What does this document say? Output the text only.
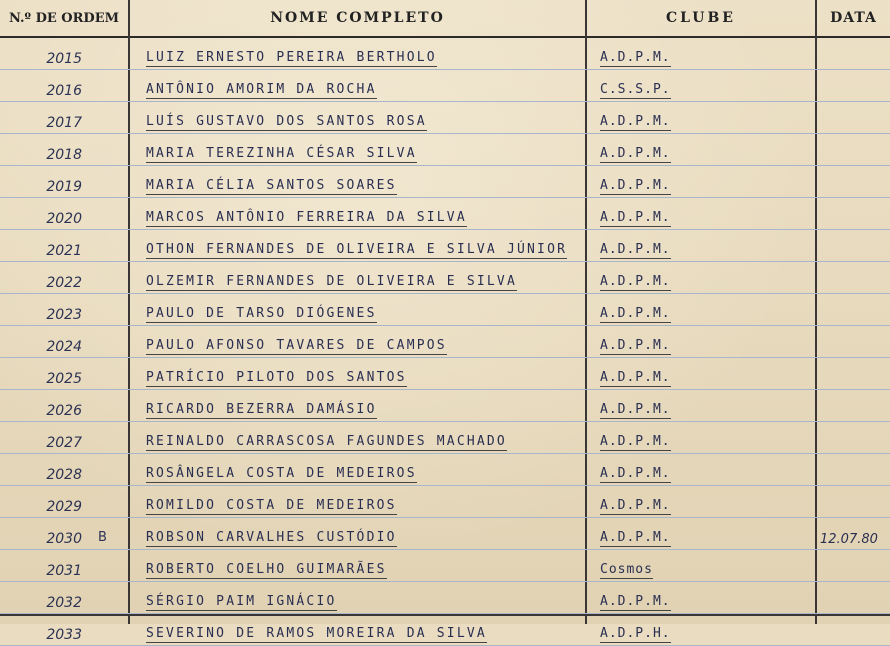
N.º DE ORDEM	NOME COMPLETO	CLUBE	DATA
2015	LUIZ ERNESTO PEREIRA BERTHOLO	A.D.P.M.
2016	ANTÔNIO AMORIM DA ROCHA	C.S.S.P.
2017	LUÍS GUSTAVO DOS SANTOS ROSA	A.D.P.M.
2018	MARIA TEREZINHA CÉSAR SILVA	A.D.P.M.
2019	MARIA CÉLIA SANTOS SOARES	A.D.P.M.
2020	MARCOS ANTÔNIO FERREIRA DA SILVA	A.D.P.M.
2021	OTHON FERNANDES DE OLIVEIRA E SILVA JÚNIOR	A.D.P.M.
2022	OLZEMIR FERNANDES DE OLIVEIRA E SILVA	A.D.P.M.
2023	PAULO DE TARSO DIÓGENES	A.D.P.M.
2024	PAULO AFONSO TAVARES DE CAMPOS	A.D.P.M.
2025	PATRÍCIO PILOTO DOS SANTOS	A.D.P.M.
2026	RICARDO BEZERRA DAMÁSIO	A.D.P.M.
2027	REINALDO CARRASCOSA FAGUNDES MACHADO	A.D.P.M.
2028	ROSÂNGELA COSTA DE MEDEIROS	A.D.P.M.
2029	ROMILDO COSTA DE MEDEIROS	A.D.P.M.
2030 B	ROBSON CARVALHES CUSTÓDIO	A.D.P.M.	12.07.80
2031	ROBERTO COELHO GUIMARÃES	Cosmos
2032	SÉRGIO PAIM IGNÁCIO	A.D.P.M.
2033	SEVERINO DE RAMOS MOREIRA DA SILVA	A.D.P.H.
